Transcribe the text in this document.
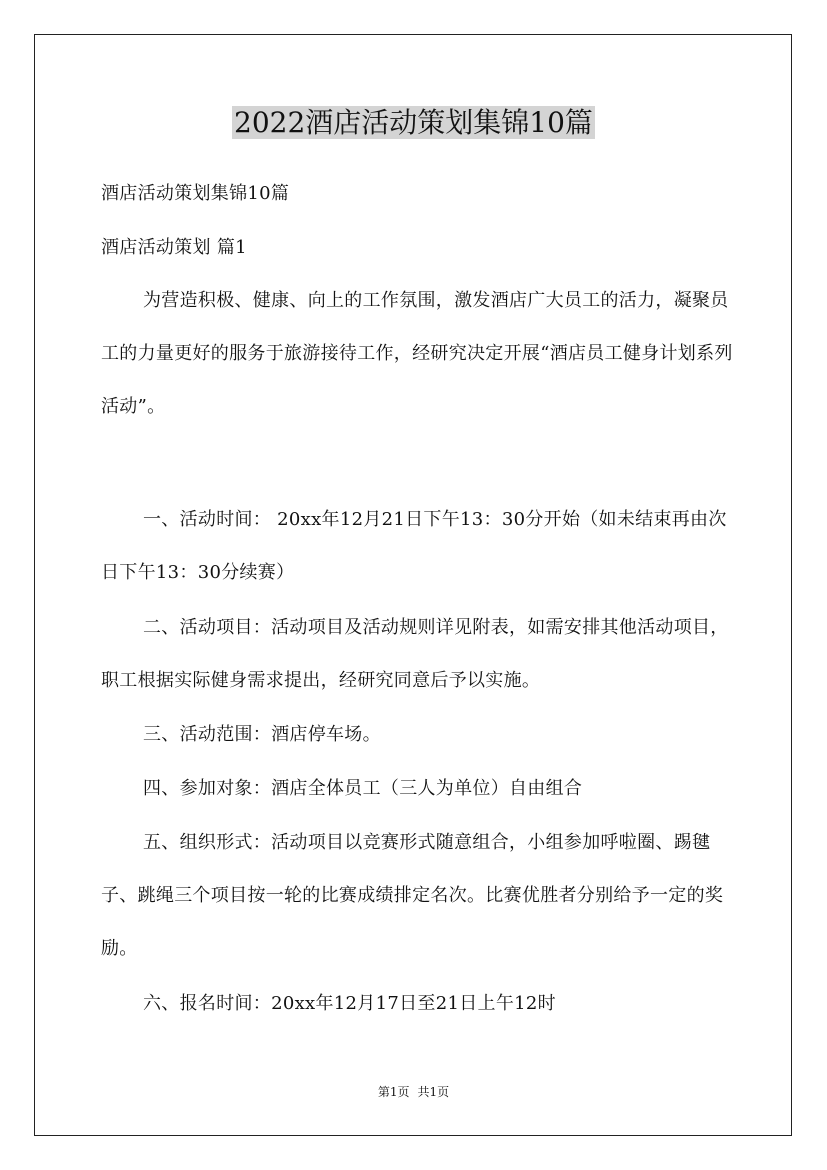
2022酒店活动策划集锦10篇

酒店活动策划集锦10篇

酒店活动策划 篇1

为营造积极、健康、向上的工作氛围，激发酒店广大员工的活力，凝聚员工的力量更好的服务于旅游接待工作，经研究决定开展“酒店员工健身计划系列活动”。

一、活动时间： 20xx年12月21日下午13：30分开始（如未结束再由次日下午13：30分续赛）

二、活动项目：活动项目及活动规则详见附表，如需安排其他活动项目，职工根据实际健身需求提出，经研究同意后予以实施。

三、活动范围：酒店停车场。

四、参加对象：酒店全体员工（三人为单位）自由组合

五、组织形式：活动项目以竞赛形式随意组合，小组参加呼啦圈、踢毽子、跳绳三个项目按一轮的比赛成绩排定名次。比赛优胜者分别给予一定的奖励。

六、报名时间：20xx年12月17日至21日上午12时

第1页 共1页
